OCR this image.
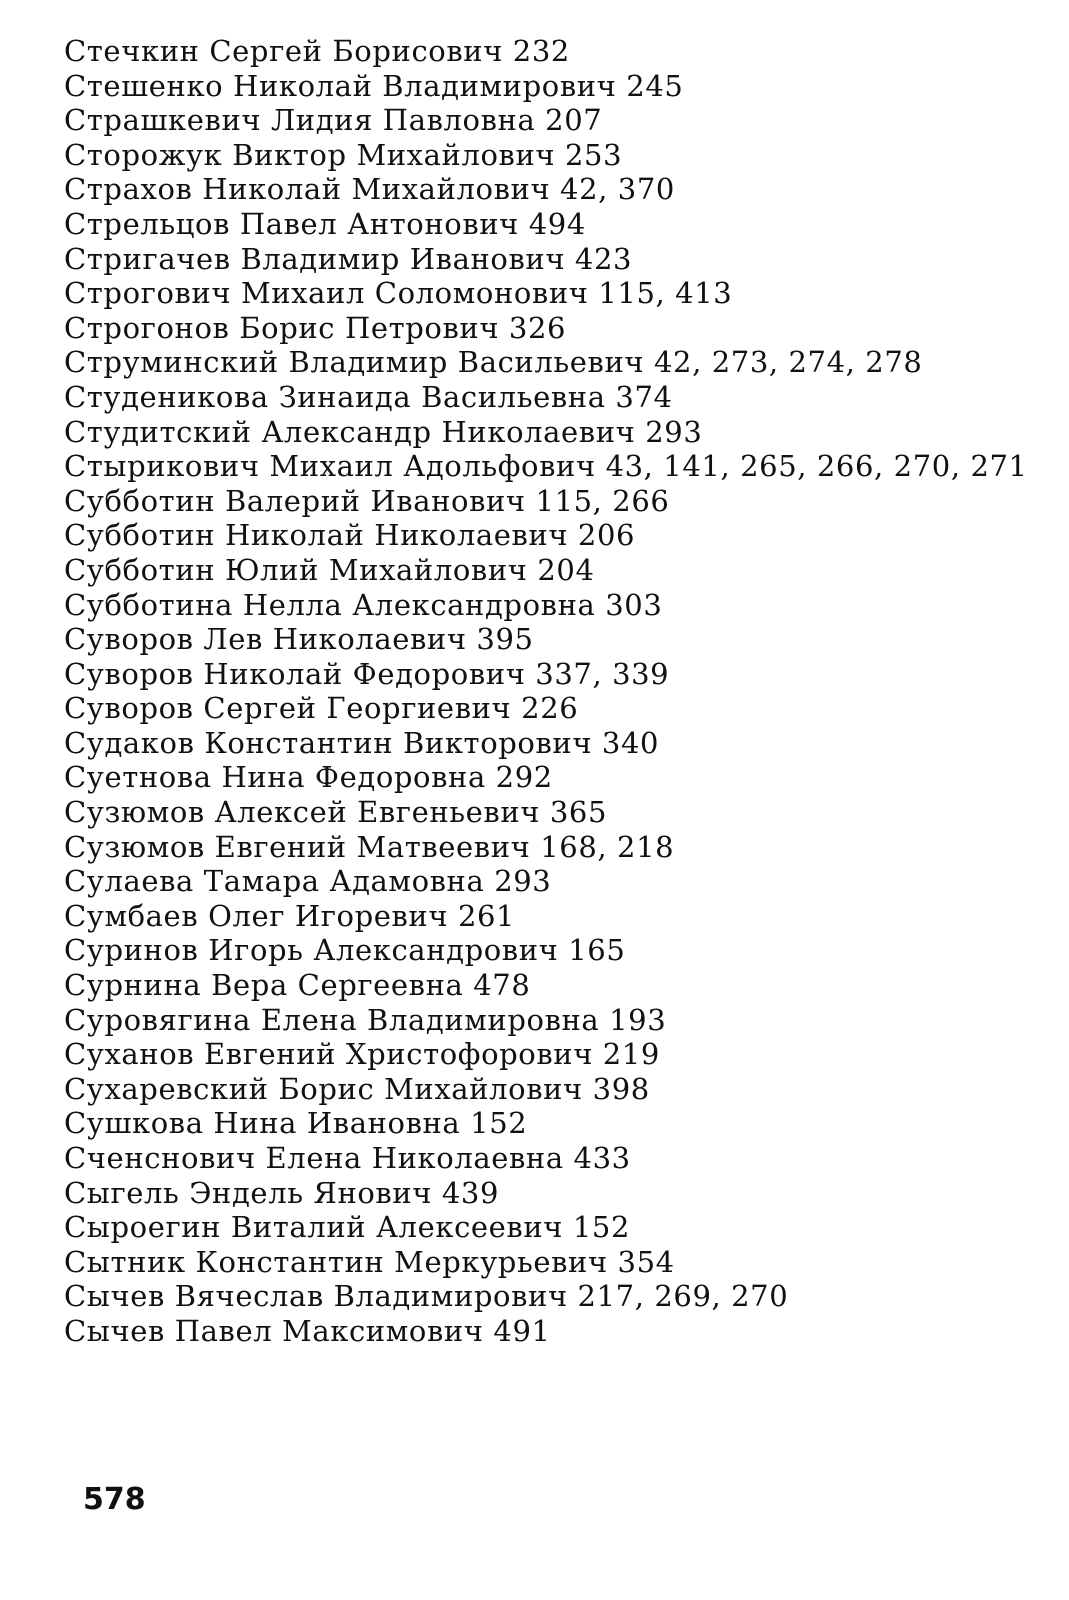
Стечкин Сергей Борисович 232
Стешенко Николай Владимирович 245
Страшкевич Лидия Павловна 207
Сторожук Виктор Михайлович 253
Страхов Николай Михайлович 42, 370
Стрельцов Павел Антонович 494
Стригачев Владимир Иванович 423
Строгович Михаил Соломонович 115, 413
Строгонов Борис Петрович 326
Струминский Владимир Васильевич 42, 273, 274, 278
Студеникова Зинаида Васильевна 374
Студитский Александр Николаевич 293
Стырикович Михаил Адольфович 43, 141, 265, 266, 270, 271
Субботин Валерий Иванович 115, 266
Субботин Николай Николаевич 206
Субботин Юлий Михайлович 204
Субботина Нелла Александровна 303
Суворов Лев Николаевич 395
Суворов Николай Федорович 337, 339
Суворов Сергей Георгиевич 226
Судаков Константин Викторович 340
Суетнова Нина Федоровна 292
Сузюмов Алексей Евгеньевич 365
Сузюмов Евгений Матвеевич 168, 218
Сулаева Тамара Адамовна 293
Сумбаев Олег Игоревич 261
Суринов Игорь Александрович 165
Сурнина Вера Сергеевна 478
Суровягина Елена Владимировна 193
Суханов Евгений Христофорович 219
Сухаревский Борис Михайлович 398
Сушкова Нина Ивановна 152
Сченснович Елена Николаевна 433
Сыгель Эндель Янович 439
Сыроегин Виталий Алексеевич 152
Сытник Константин Меркурьевич 354
Сычев Вячеслав Владимирович 217, 269, 270
Сычев Павел Максимович 491
578
